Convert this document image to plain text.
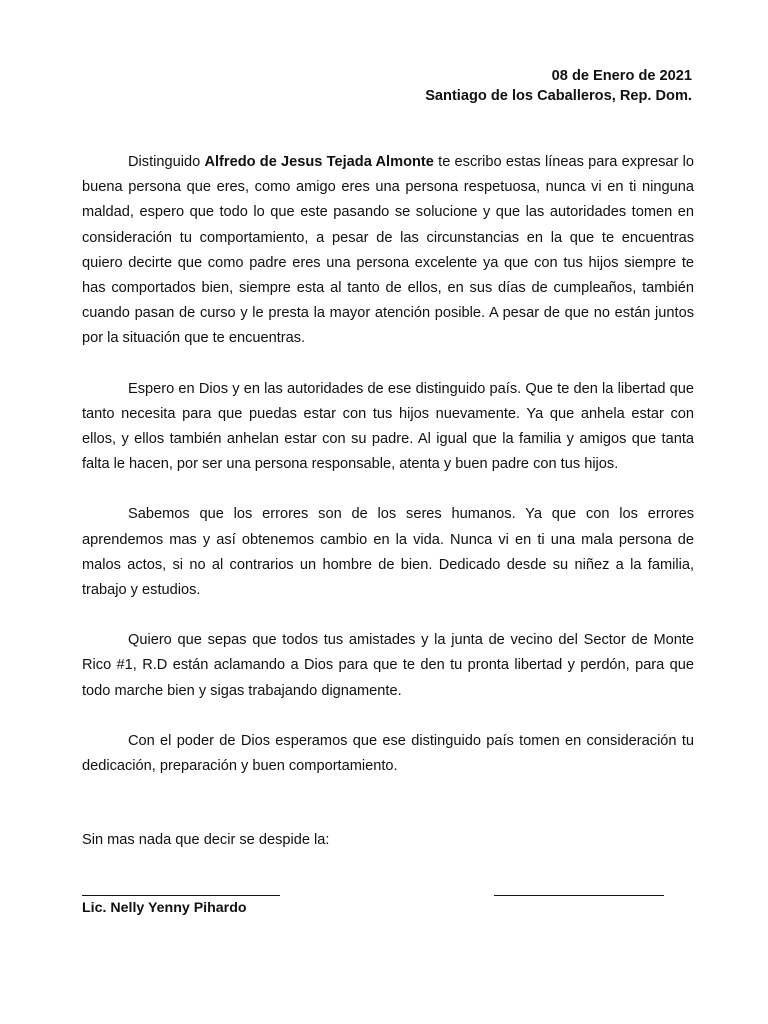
08 de Enero de 2021
Santiago de los Caballeros, Rep. Dom.

Distinguido Alfredo de Jesus Tejada Almonte te escribo estas líneas para expresar lo buena persona que eres, como amigo eres una persona respetuosa, nunca vi en ti ninguna maldad, espero que todo lo que este pasando se solucione y que las autoridades tomen en consideración tu comportamiento, a pesar de las circunstancias en la que te encuentras quiero decirte que como padre eres una persona excelente ya que con tus hijos siempre te has comportados bien, siempre esta al tanto de ellos, en sus días de cumpleaños, también cuando pasan de curso y le presta la mayor atención posible. A pesar de que no están juntos por la situación que te encuentras.

Espero en Dios y en las autoridades de ese distinguido país. Que te den la libertad que tanto necesita para que puedas estar con tus hijos nuevamente. Ya que anhela estar con ellos, y ellos también anhelan estar con su padre. Al igual que la familia y amigos que tanta falta le hacen, por ser una persona responsable, atenta y buen padre con tus hijos.

Sabemos que los errores son de los seres humanos. Ya que con los errores aprendemos mas y así obtenemos cambio en la vida. Nunca vi en ti una mala persona de malos actos, si no al contrarios un hombre de bien. Dedicado desde su niñez a la familia, trabajo y estudios.

Quiero que sepas que todos tus amistades y la junta de vecino del Sector de Monte Rico #1, R.D están aclamando a Dios para que te den tu pronta libertad y perdón, para que todo marche bien y sigas trabajando dignamente.

Con el poder de Dios esperamos que ese distinguido país tomen en consideración tu dedicación, preparación y buen comportamiento.

Sin mas nada que decir se despide la:

Lic. Nelly Yenny Pihardo
